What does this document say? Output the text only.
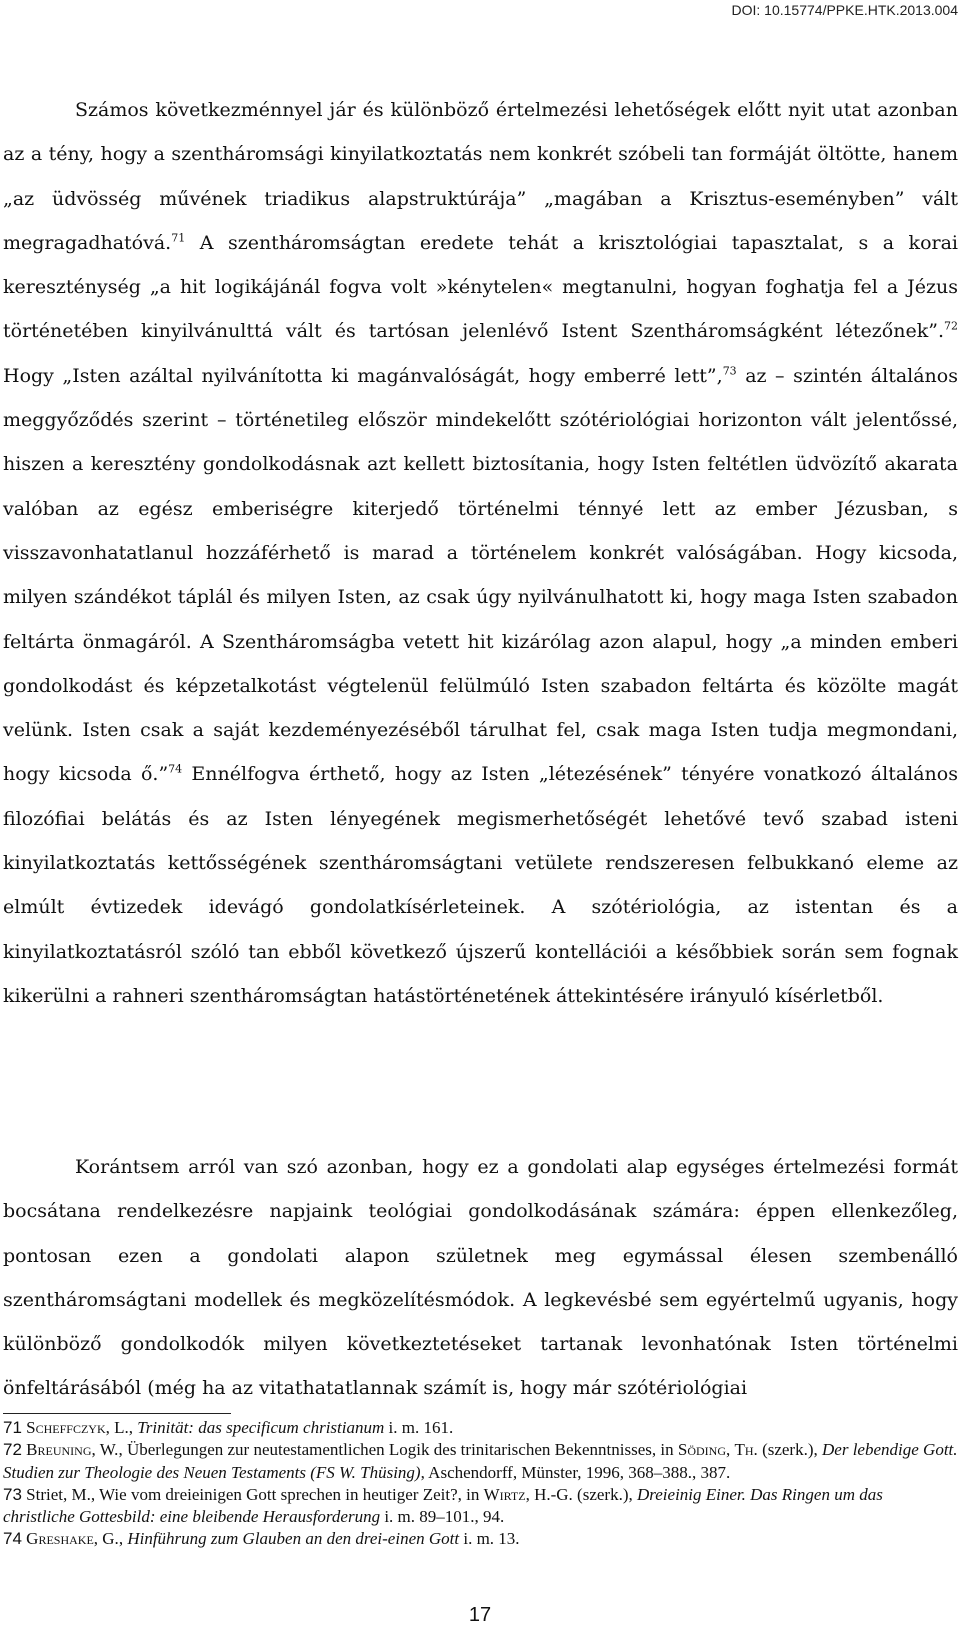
DOI: 10.15774/PPKE.HTK.2013.004

Számos következménnyel jár és különböző értelmezési lehetőségek előtt nyit utat azonban az a tény, hogy a szentháromsági kinyilatkoztatás nem konkrét szóbeli tan formáját öltötte, hanem „az üdvösség művének triadikus alapstruktúrája” „magában a Krisztus-eseményben” vált megragadhatóvá.$^{71}$ A szentháromságtan eredete tehát a krisztológiai tapasztalat, s a korai kereszténység „a hit logikájánál fogva volt »kénytelen« megtanulni, hogyan foghatja fel a Jézus történetében kinyilvánulttá vált és tartósan jelenlévő Istent Szentháromságként létezőnek”.$^{72}$ Hogy „Isten azáltal nyilvánította ki magánvalóságát, hogy emberré lett”,$^{73}$ az – szintén általános meggyőződés szerint – történetileg először mindekelőtt szótériológiai horizonton vált jelentőssé, hiszen a keresztény gondolkodásnak azt kellett biztosítania, hogy Isten feltétlen üdvözítő akarata valóban az egész emberiségre kiterjedő történelmi ténnyé lett az ember Jézusban, s visszavonhatatlanul hozzáférhető is marad a történelem konkrét valóságában. Hogy kicsoda, milyen szándékot táplál és milyen Isten, az csak úgy nyilvánulhatott ki, hogy maga Isten szabadon feltárta önmagáról. A Szentháromságba vetett hit kizárólag azon alapul, hogy „a minden emberi gondolkodást és képzetalkotást végtelenül felülmúló Isten szabadon feltárta és közölte magát velünk. Isten csak a saját kezdeményezéséből tárulhat fel, csak maga Isten tudja megmondani, hogy kicsoda ő.”$^{74}$ Ennélfogva érthető, hogy az Isten „létezésének” tényére vonatkozó általános filozófiai belátás és az Isten lényegének megismerhetőségét lehetővé tevő szabad isteni kinyilatkoztatás kettősségének szentháromságtani vetülete rendszeresen felbukkanó eleme az elmúlt évtizedek idevágó gondolatkísérleteinek. A szótériológia, az istentan és a kinyilatkoztatásról szóló tan ebből következő újszerű kontellációi a későbbiek során sem fognak kikerülni a rahneri szentháromságtan hatástörténetének áttekintésére irányuló kísérletből.

Korántsem arról van szó azonban, hogy ez a gondolati alap egységes értelmezési formát bocsátana rendelkezésre napjaink teológiai gondolkodásának számára: éppen ellenkezőleg, pontosan ezen a gondolati alapon születnek meg egymással élesen szembenálló szentháromságtani modellek és megközelítésmódok. A legkevésbé sem egyértelmű ugyanis, hogy különböző gondolkodók milyen következtetéseket tartanak levonhatónak Isten történelmi önfeltárásából (még ha az vitathatatlannak számít is, hogy már szótériológiai

71 Scheffczyk, L., Trinität: das specificum christianum i. m. 161.

72 Breuning, W., Überlegungen zur neutestamentlichen Logik des trinitarischen Bekenntnisses, in Söding, Th. (szerk.), Der lebendige Gott. Studien zur Theologie des Neuen Testaments (FS W. Thüsing), Aschendorff, Münster, 1996, 368–388., 387.

73 Striet, M., Wie vom dreieinigen Gott sprechen in heutiger Zeit?, in Wirtz, H.-G. (szerk.), Dreieinig Einer. Das Ringen um das christliche Gottesbild: eine bleibende Herausforderung i. m. 89–101., 94.

74 Greshake, G., Hinführung zum Glauben an den drei-einen Gott i. m. 13.

17
